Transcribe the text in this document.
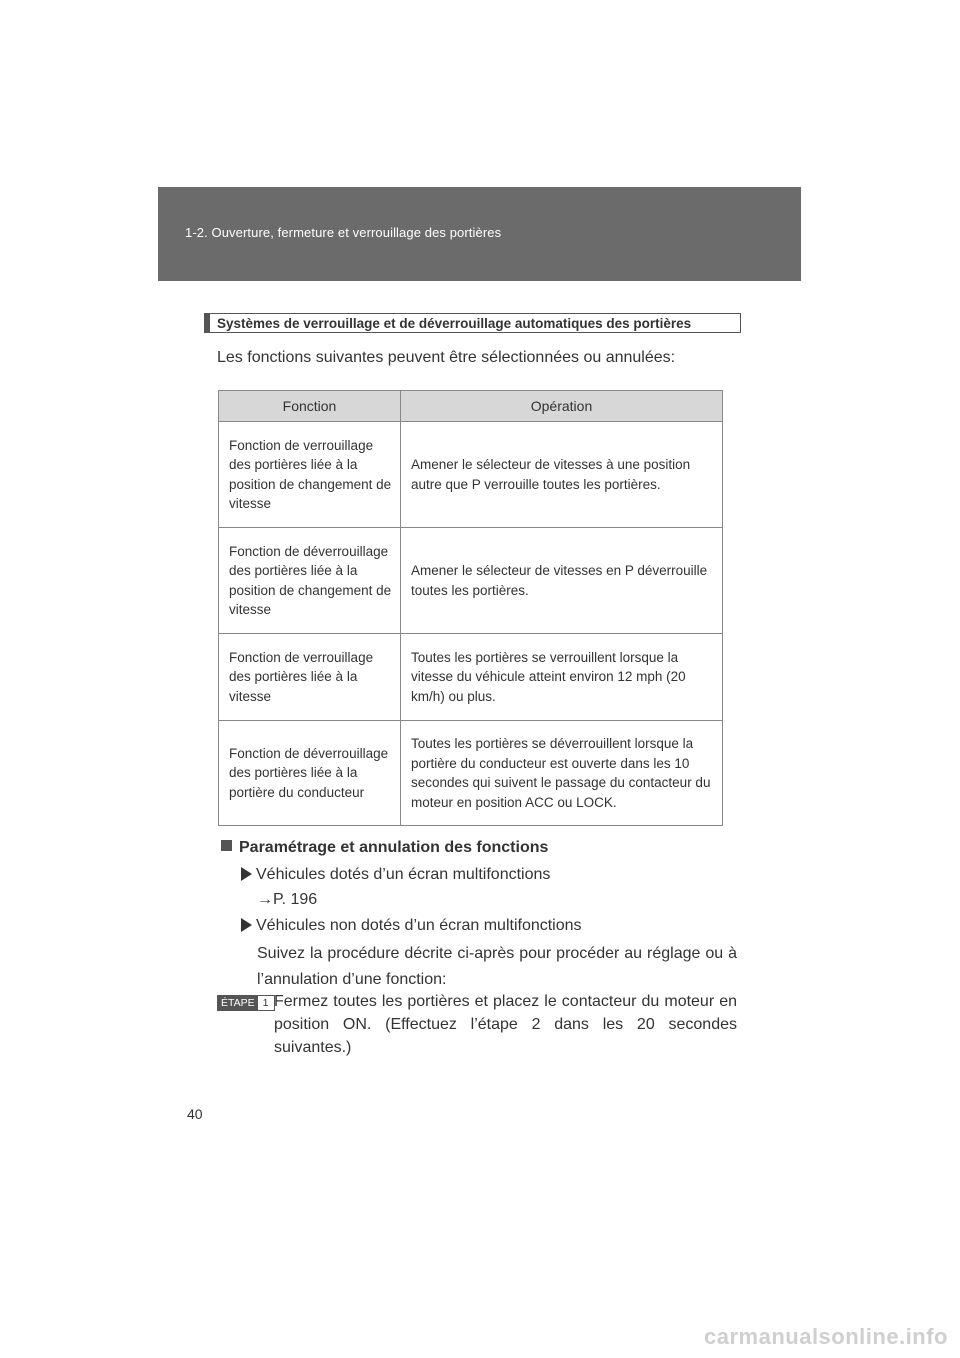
1-2. Ouverture, fermeture et verrouillage des portières
Systèmes de verrouillage et de déverrouillage automatiques des portières
Les fonctions suivantes peuvent être sélectionnées ou annulées:
Fonction	Opération
Fonction de verrouillage des portières liée à la position de changement de vitesse	Amener le sélecteur de vitesses à une position autre que P verrouille toutes les portières.
Fonction de déverrouillage des portières liée à la position de changement de vitesse	Amener le sélecteur de vitesses en P déverrouille toutes les portières.
Fonction de verrouillage des portières liée à la vitesse	Toutes les portières se verrouillent lorsque la vitesse du véhicule atteint environ 12 mph (20 km/h) ou plus.
Fonction de déverrouillage des portières liée à la portière du conducteur	Toutes les portières se déverrouillent lorsque la portière du conducteur est ouverte dans les 10 secondes qui suivent le passage du contacteur du moteur en position ACC ou LOCK.
Paramétrage et annulation des fonctions
Véhicules dotés d’un écran multifonctions
→P. 196
Véhicules non dotés d’un écran multifonctions
Suivez la procédure décrite ci-après pour procéder au réglage ou à l’annulation d’une fonction:
ÉTAPE 1 Fermez toutes les portières et placez le contacteur du moteur en position ON. (Effectuez l’étape 2 dans les 20 secondes suivantes.)
40
carmanualsonline.info
